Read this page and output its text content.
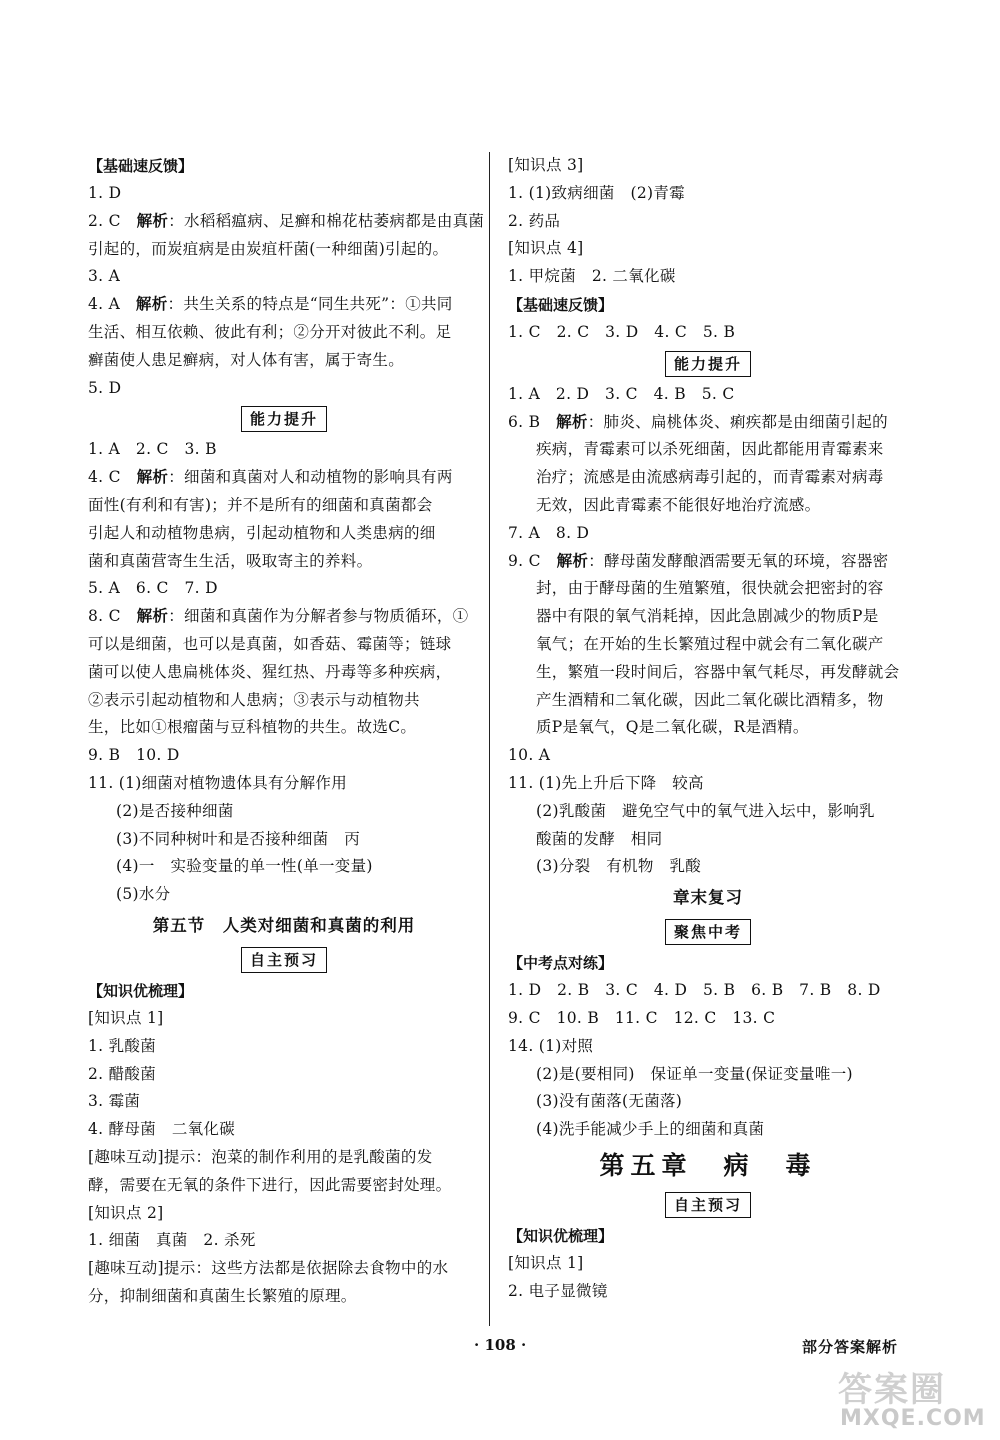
【基础速反馈】
1. D
2. C　 解析：水稻稻瘟病、足癣和棉花枯萎病都是由真菌
引起的，而炭疽病是由炭疽杆菌(一种细菌)引起的。
3. A
4. A　 解析：共生关系的特点是“同生共死”：①共同
生活、相互依赖、彼此有利；②分开对彼此不利。足
癣菌使人患足癣病，对人体有害，属于寄生。
5. D
能力提升
1. A　2. C　3. B
4. C　 解析：细菌和真菌对人和动植物的影响具有两
面性(有利和有害)；并不是所有的细菌和真菌都会
引起人和动植物患病，引起动植物和人类患病的细
菌和真菌营寄生生活，吸取寄主的养料。
5. A　6. C　7. D
8. C　 解析：细菌和真菌作为分解者参与物质循环，①
可以是细菌，也可以是真菌，如香菇、霉菌等；链球
菌可以使人患扁桃体炎、猩红热、丹毒等多种疾病，
②表示引起动植物和人患病；③表示与动植物共
生，比如①根瘤菌与豆科植物的共生。故选C。
9. B　10. D
11. (1)细菌对植物遗体具有分解作用
(2)是否接种细菌
(3)不同种树叶和是否接种细菌　丙
(4)一　实验变量的单一性(单一变量)
(5)水分
第五节　人类对细菌和真菌的利用
自主预习
【知识优梳理】
[知识点 1]
1. 乳酸菌
2. 醋酸菌
3. 霉菌
4. 酵母菌　二氧化碳
[趣味互动]提示：泡菜的制作利用的是乳酸菌的发
酵，需要在无氧的条件下进行，因此需要密封处理。
[知识点 2]
1. 细菌　真菌　2. 杀死
[趣味互动]提示：这些方法都是依据除去食物中的水
分，抑制细菌和真菌生长繁殖的原理。
[知识点 3]
1. (1)致病细菌　(2)青霉
2. 药品
[知识点 4]
1. 甲烷菌　2. 二氧化碳
【基础速反馈】
1. C　2. C　3. D　4. C　5. B
能力提升
1. A　2. D　3. C　4. B　5. C
6. B　 解析：肺炎、扁桃体炎、痢疾都是由细菌引起的
疾病，青霉素可以杀死细菌，因此都能用青霉素来
治疗；流感是由流感病毒引起的，而青霉素对病毒
无效，因此青霉素不能很好地治疗流感。
7. A　8. D
9. C　 解析：酵母菌发酵酿酒需要无氧的环境，容器密
封，由于酵母菌的生殖繁殖，很快就会把密封的容
器中有限的氧气消耗掉，因此急剧减少的物质P是
氧气；在开始的生长繁殖过程中就会有二氧化碳产
生，繁殖一段时间后，容器中氧气耗尽，再发酵就会
产生酒精和二氧化碳，因此二氧化碳比酒精多，物
质P是氧气，Q是二氧化碳，R是酒精。
10. A
11. (1)先上升后下降　较高
(2)乳酸菌　避免空气中的氧气进入坛中，影响乳
酸菌的发酵　相同
(3)分裂　有机物　乳酸
章末复习
聚焦中考
【中考点对练】
1. D　2. B　3. C　4. D　5. B　6. B　7. B　8. D
9. C　10. B　11. C　12. C　13. C
14. (1)对照
(2)是(要相同)　保证单一变量(保证变量唯一)
(3)没有菌落(无菌落)
(4)洗手能减少手上的细菌和真菌
第五章　病　毒
自主预习
【知识优梳理】
[知识点 1]
2. 电子显微镜
· 108 ·	部分答案解析
答案圈
MXQE.COM
